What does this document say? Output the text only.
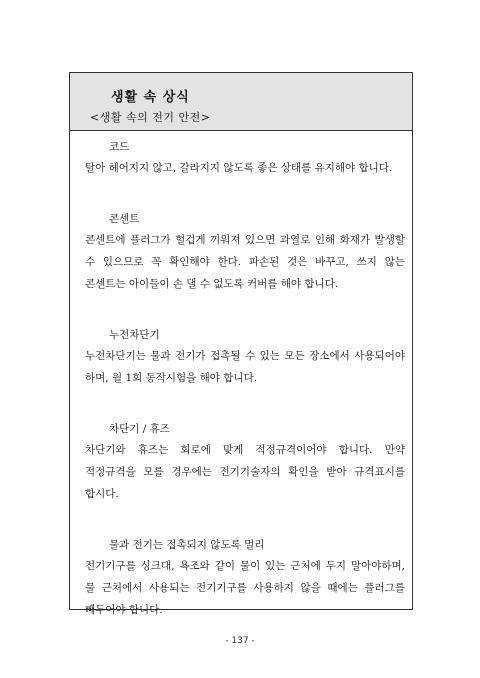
생활 속 상식
<생활 속의 전기 안전>
코드
탈아 헤어지지 않고, 갈라지지 않도록 좋은 상태를 유지해야 합니다.
콘센트
콘센트에 플러그가 헐겁게 끼워져 있으면 과열로 인해 화재가 발생할 수 있으므로 꼭 확인해야 한다. 파손된 것은 바꾸고, 쓰지 않는 콘센트는 아이들이 손 댈 수 없도록 커버를 해야 합니다.
누전차단기
누전차단기는 물과 전기가 접촉될 수 있는 모든 장소에서 사용되어야 하며, 월 1회 동작시험을 해야 합니다.
차단기 / 휴즈
차단기와 휴즈는 회로에 맞게 적정규격이어야 합니다. 만약 적정규격을 모를 경우에는 전기기술자의 확인을 받아 규격표시를 합시다.
물과 전기는 접촉되지 않도록 멀리
전기기구를 싱크대, 욕조와 같이 물이 있는 근처에 두지 말아야하며, 물 근처에서 사용되는 전기기구를 사용하지 않을 때에는 플러그를 빼두어야 합니다.
- 137 -
